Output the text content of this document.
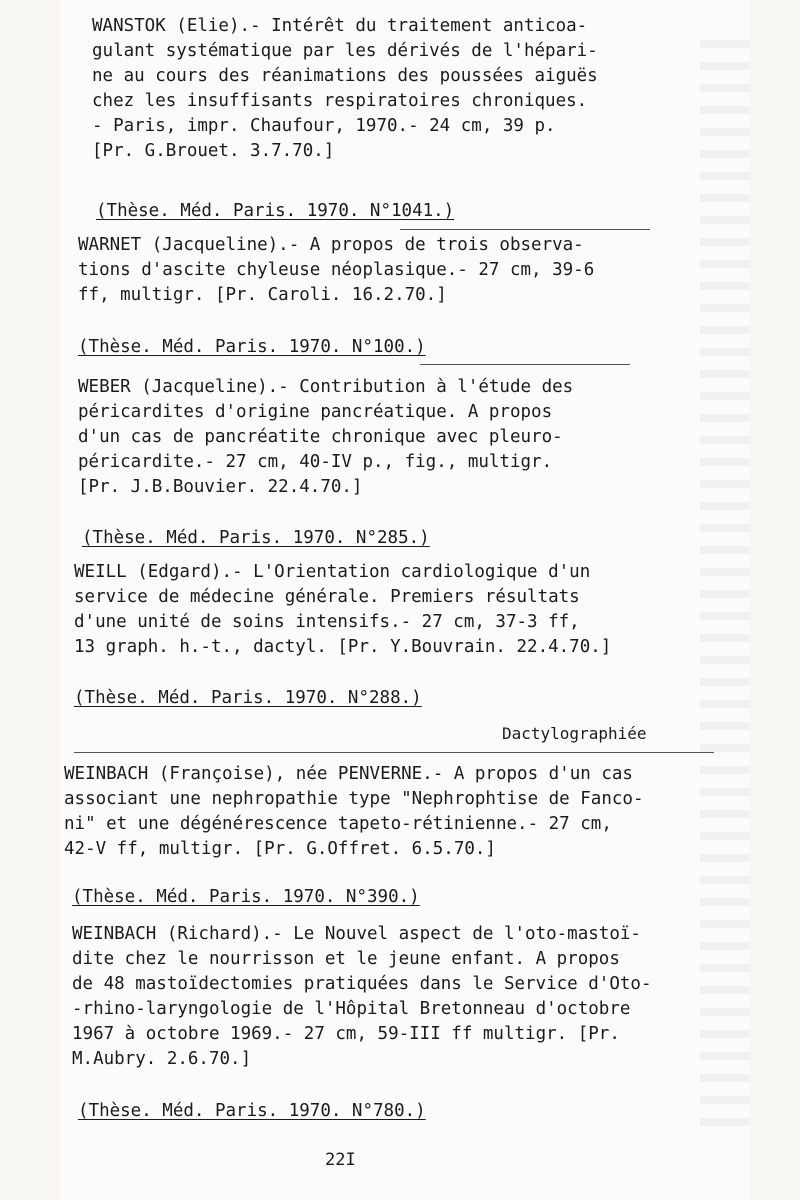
WANSTOK (Elie).- Intérêt du traitement anticoa-
gulant systématique par les dérivés de l'hépari-
ne au cours des réanimations des poussées aiguës
chez les insuffisants respiratoires chroniques.
- Paris, impr. Chaufour, 1970.- 24 cm, 39 p.
[Pr. G.Brouet. 3.7.70.]

(Thèse. Méd. Paris. 1970. N°1041.)

WARNET (Jacqueline).- A propos de trois observa-
tions d'ascite chyleuse néoplasique.- 27 cm, 39-6
ff, multigr. [Pr. Caroli. 16.2.70.]

(Thèse. Méd. Paris. 1970. N°100.)

WEBER (Jacqueline).- Contribution à l'étude des
péricardites d'origine pancréatique. A propos
d'un cas de pancréatite chronique avec pleuro-
péricardite.- 27 cm, 40-IV p., fig., multigr.
[Pr. J.B.Bouvier. 22.4.70.]

(Thèse. Méd. Paris. 1970. N°285.)

WEILL (Edgard).- L'Orientation cardiologique d'un
service de médecine générale. Premiers résultats
d'une unité de soins intensifs.- 27 cm, 37-3 ff,
13 graph. h.-t., dactyl. [Pr. Y.Bouvrain. 22.4.70.]

(Thèse. Méd. Paris. 1970. N°288.)

Dactylographiée

WEINBACH (Françoise), née PENVERNE.- A propos d'un cas
associant une nephropathie type "Nephrophtise de Fanco-
ni" et une dégénérescence tapeto-rétinienne.- 27 cm,
42-V ff, multigr. [Pr. G.Offret. 6.5.70.]

(Thèse. Méd. Paris. 1970. N°390.)

WEINBACH (Richard).- Le Nouvel aspect de l'oto-mastoï-
dite chez le nourrisson et le jeune enfant. A propos
de 48 mastoïdectomies pratiquées dans le Service d'Oto-
-rhino-laryngologie de l'Hôpital Bretonneau d'octobre
1967 à octobre 1969.- 27 cm, 59-III ff multigr. [Pr.
M.Aubry. 2.6.70.]

(Thèse. Méd. Paris. 1970. N°780.)

22I
